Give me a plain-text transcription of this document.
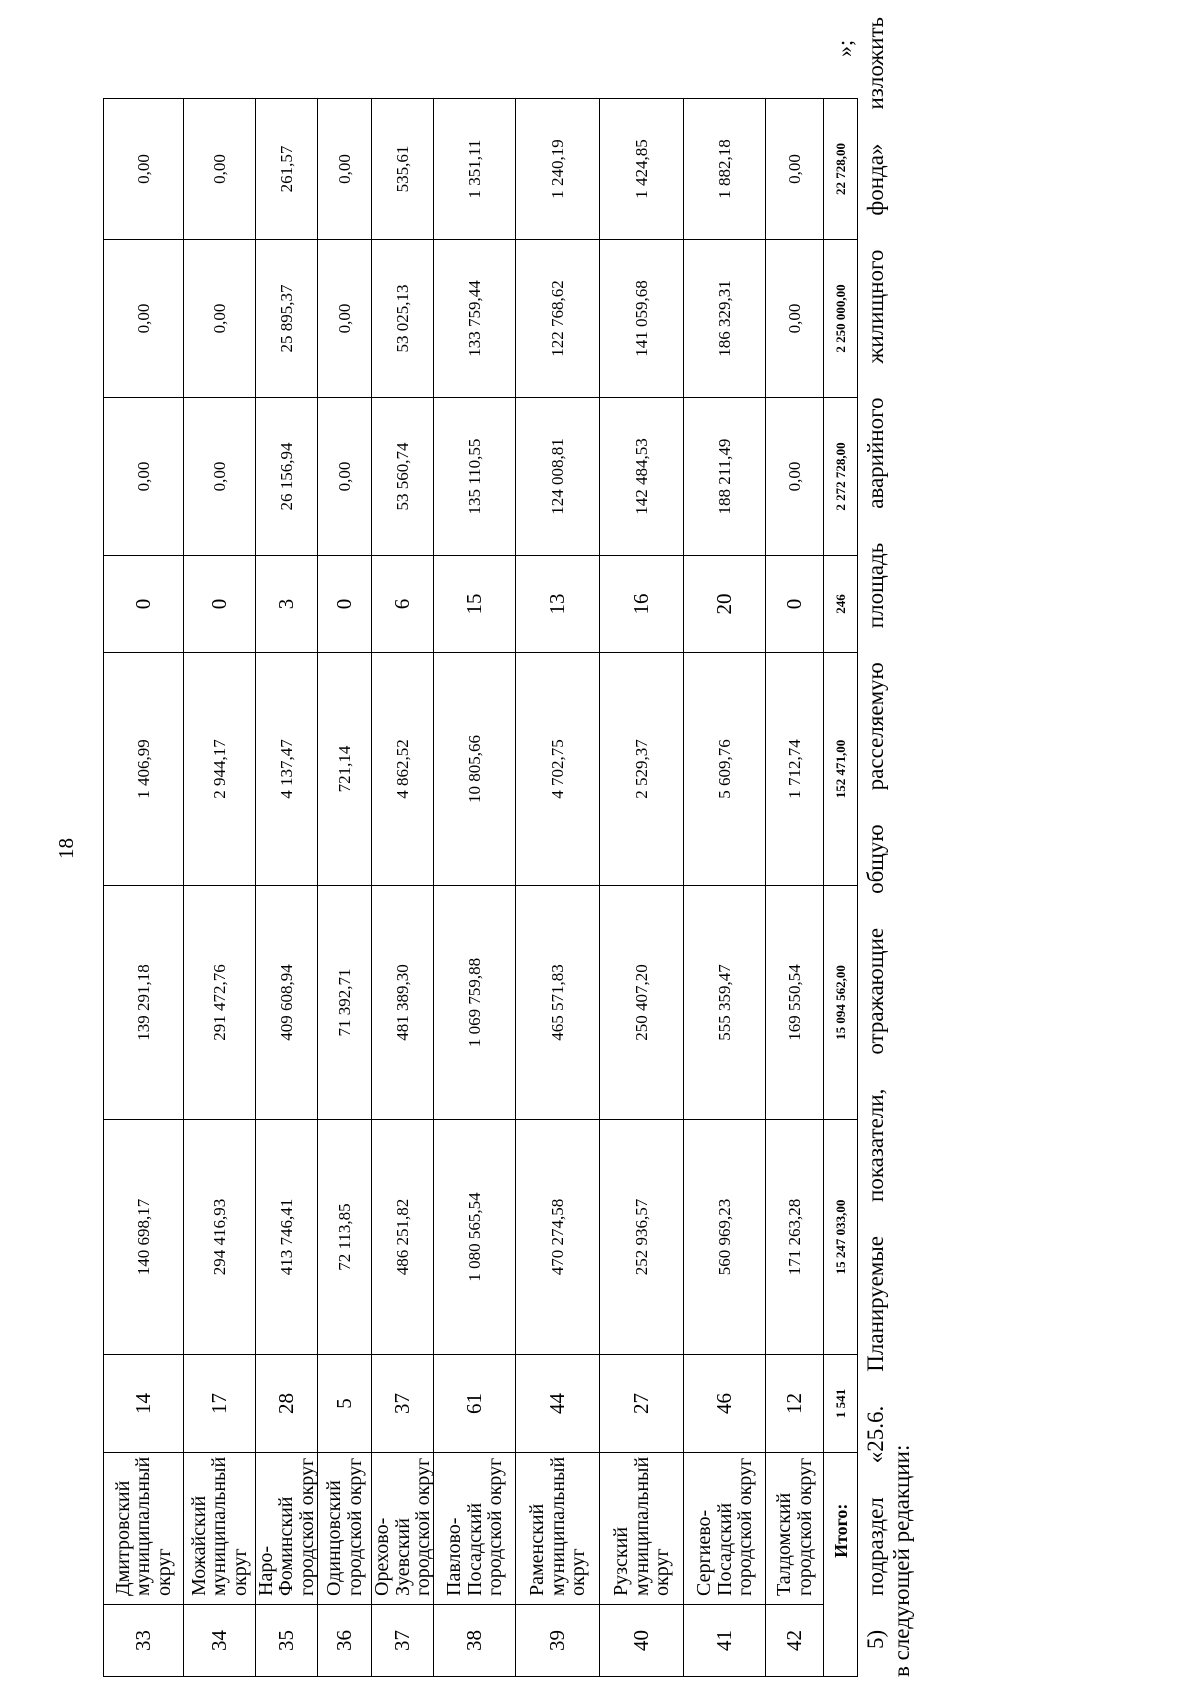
18
33	Дмитровский муниципальный округ	14	140 698,17	139 291,18	1 406,99	0	0,00	0,00	0,00
34	Можайский муниципальный округ	17	294 416,93	291 472,76	2 944,17	0	0,00	0,00	0,00
35	Наро-Фоминский городской округ	28	413 746,41	409 608,94	4 137,47	3	26 156,94	25 895,37	261,57
36	Одинцовский городской округ	5	72 113,85	71 392,71	721,14	0	0,00	0,00	0,00
37	Орехово-Зуевский городской округ	37	486 251,82	481 389,30	4 862,52	6	53 560,74	53 025,13	535,61
38	Павлово-Посадский городской округ	61	1 080 565,54	1 069 759,88	10 805,66	15	135 110,55	133 759,44	1 351,11
39	Раменский муниципальный округ	44	470 274,58	465 571,83	4 702,75	13	124 008,81	122 768,62	1 240,19
40	Рузский муниципальный округ	27	252 936,57	250 407,20	2 529,37	16	142 484,53	141 059,68	1 424,85
41	Сергиево-Посадский городской округ	46	560 969,23	555 359,47	5 609,76	20	188 211,49	186 329,31	1 882,18
42	Талдомский городской округ	12	171 263,28	169 550,54	1 712,74	0	0,00	0,00	0,00
	Итого:	1 541	15 247 033,00	15 094 562,00	152 471,00	246	2 272 728,00	2 250 000,00	22 728,00
»; 5) подраздел «25.6. Планируемые показатели, отражающие общую расселяемую площадь аварийного жилищного фонда» изложить в следующей редакции:
